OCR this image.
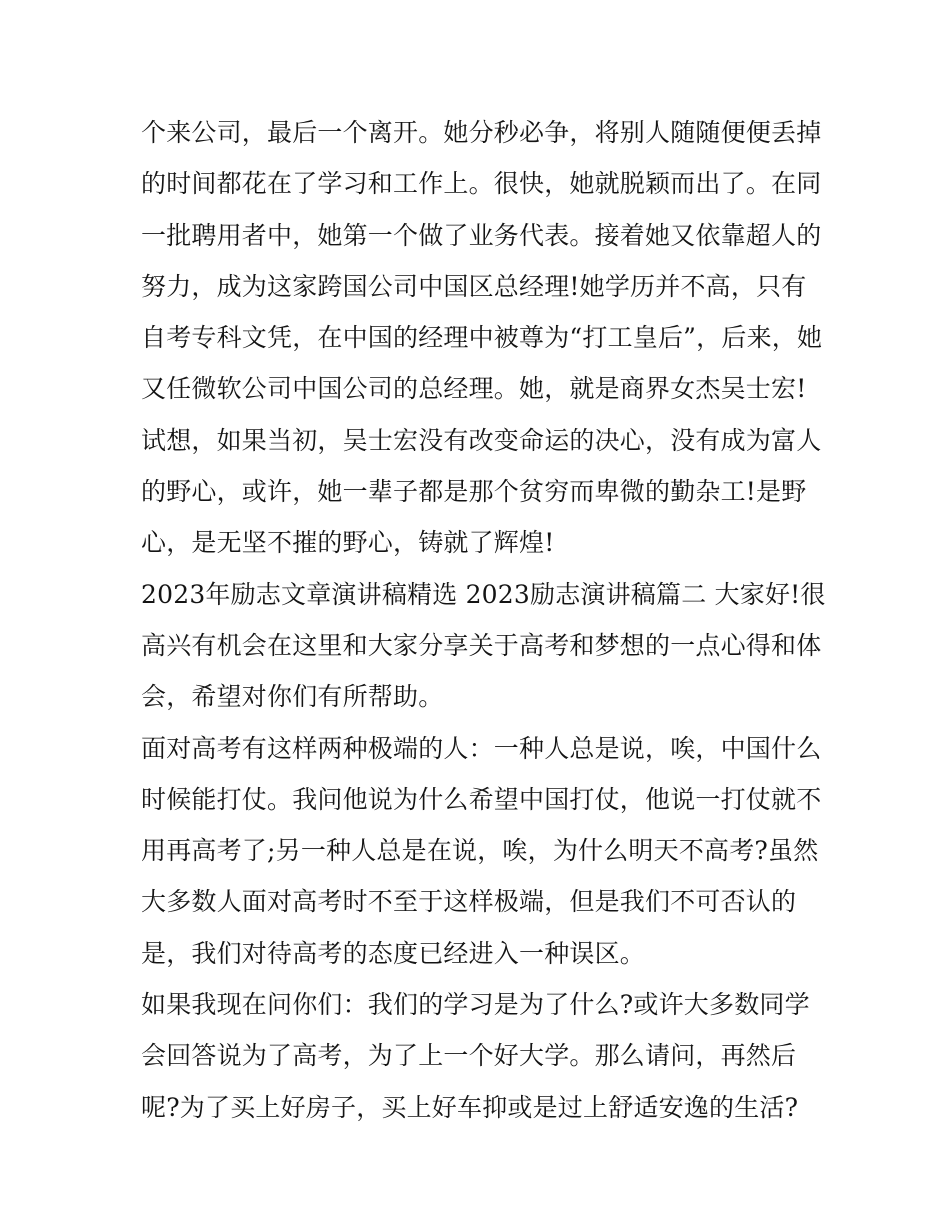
个来公司，最后一个离开。她分秒必争，将别人随随便便丢掉
的时间都花在了学习和工作上。很快，她就脱颖而出了。在同
一批聘用者中，她第一个做了业务代表。接着她又依靠超人的
努力，成为这家跨国公司中国区总经理!她学历并不高，只有
自考专科文凭，在中国的经理中被尊为“打工皇后”，后来，她
又任微软公司中国公司的总经理。她，就是商界女杰吴士宏!
试想，如果当初，吴士宏没有改变命运的决心，没有成为富人
的野心，或许，她一辈子都是那个贫穷而卑微的勤杂工!是野
心，是无坚不摧的野心，铸就了辉煌!
2023年励志文章演讲稿精选 2023励志演讲稿篇二 大家好!很
高兴有机会在这里和大家分享关于高考和梦想的一点心得和体
会，希望对你们有所帮助。
面对高考有这样两种极端的人：一种人总是说，唉，中国什么
时候能打仗。我问他说为什么希望中国打仗，他说一打仗就不
用再高考了;另一种人总是在说，唉，为什么明天不高考?虽然
大多数人面对高考时不至于这样极端，但是我们不可否认的
是，我们对待高考的态度已经进入一种误区。
如果我现在问你们：我们的学习是为了什么?或许大多数同学
会回答说为了高考，为了上一个好大学。那么请问，再然后
呢?为了买上好房子，买上好车抑或是过上舒适安逸的生活?
